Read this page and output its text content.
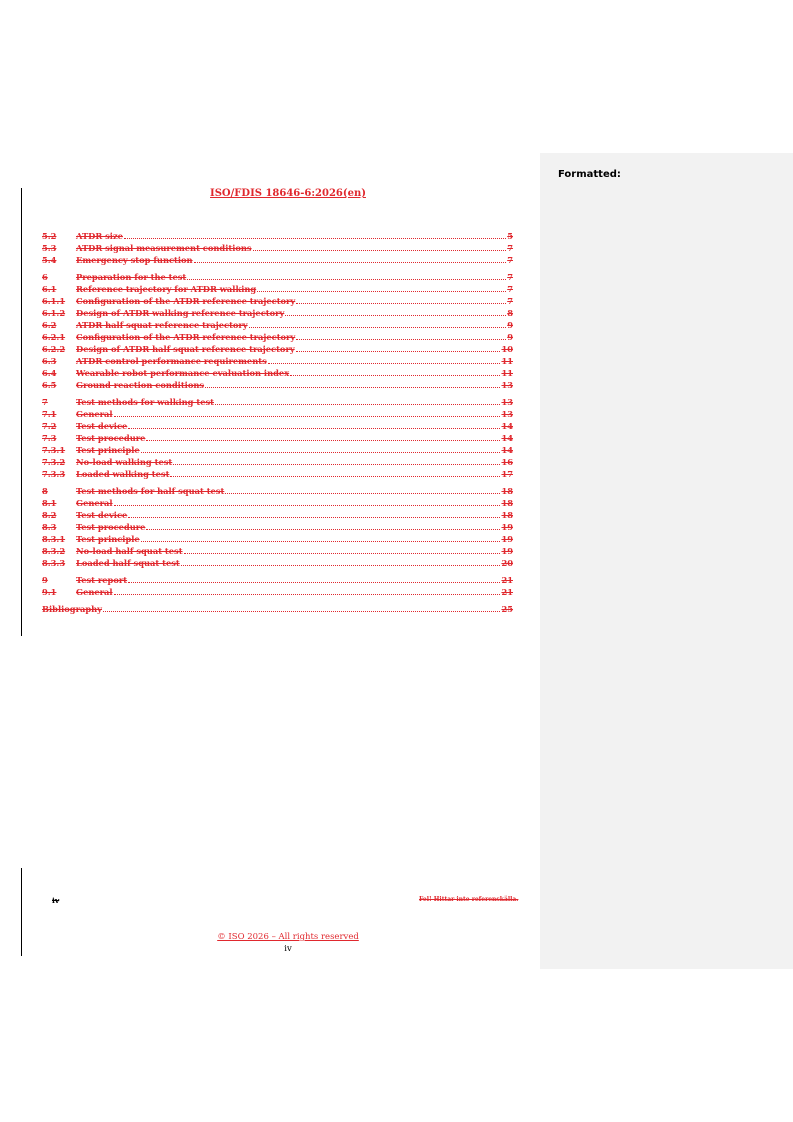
Formatted:
ISO/FDIS 18646-6:2026(en)
5.2	ATDR size	5
5.3	ATDR signal measurement conditions	7
5.4	Emergency stop function	7
6	Preparation for the test	7
6.1	Reference trajectory for ATDR walking	7
6.1.1	Configuration of the ATDR reference trajectory	7
6.1.2	Design of ATDR walking reference trajectory	8
6.2	ATDR half squat reference trajectory	9
6.2.1	Configuration of the ATDR reference trajectory	9
6.2.2	Design of ATDR half squat reference trajectory	10
6.3	ATDR control performance requirements	11
6.4	Wearable robot performance evaluation index	11
6.5	Ground reaction conditions	13
7	Test methods for walking test	13
7.1	General	13
7.2	Test device	14
7.3	Test procedure	14
7.3.1	Test principle	14
7.3.2	No-load walking test	16
7.3.3	Loaded walking test	17
8	Test methods for half squat test	18
8.1	General	18
8.2	Test device	18
8.3	Test procedure	19
8.3.1	Test principle	19
8.3.2	No-load half squat test	19
8.3.3	Loaded half squat test	20
9	Test report	21
9.1	General	21
Bibliography	25
iv	Fel! Hittar inte referenskälla.
© ISO 2026 – All rights reserved
iv
